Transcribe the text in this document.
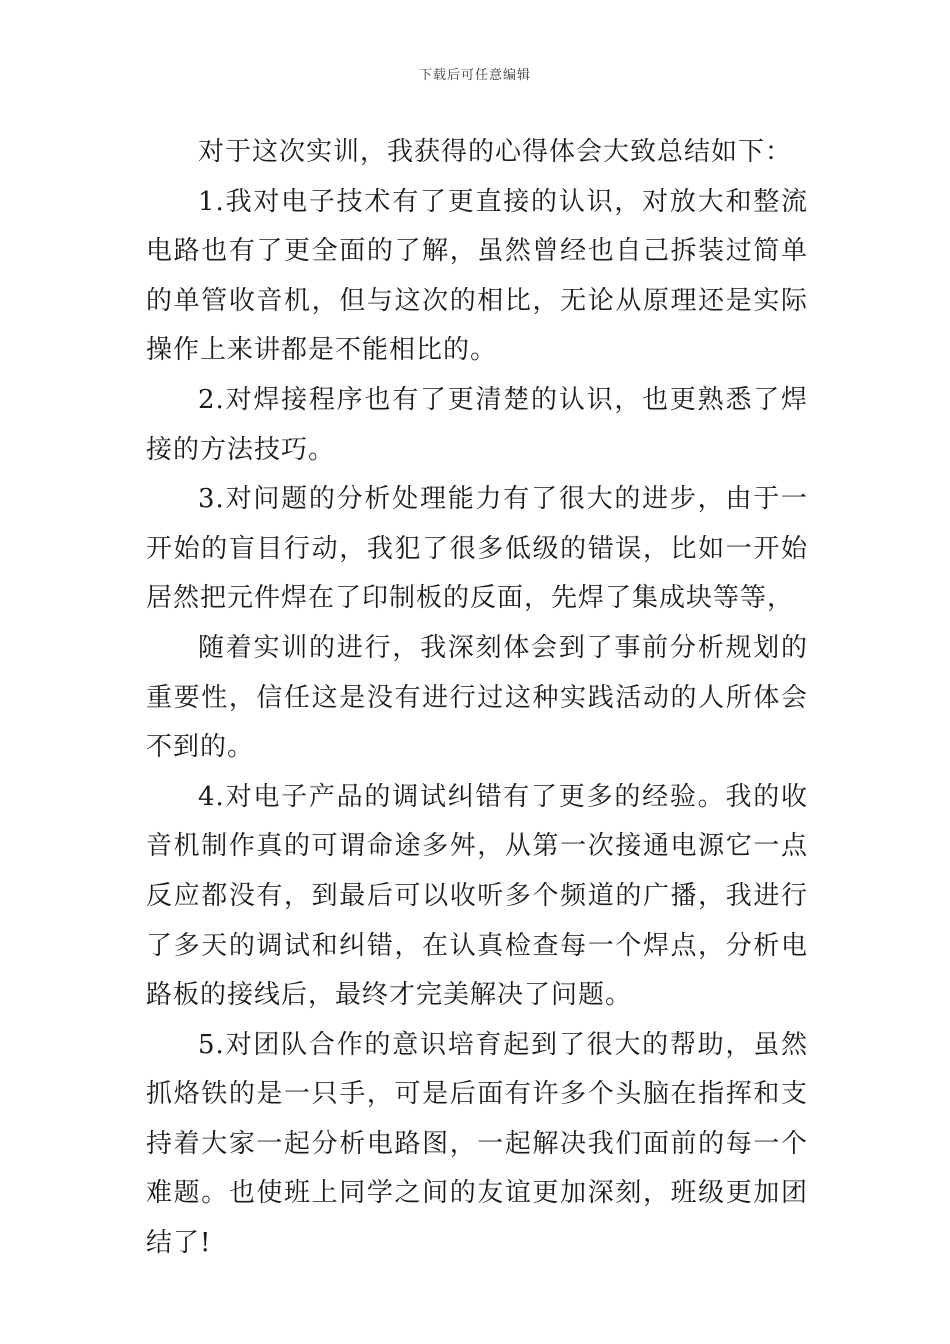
下载后可任意编辑

对于这次实训，我获得的心得体会大致总结如下：

1.我对电子技术有了更直接的认识，对放大和整流电路也有了更全面的了解，虽然曾经也自己拆装过简单的单管收音机，但与这次的相比，无论从原理还是实际操作上来讲都是不能相比的。

2.对焊接程序也有了更清楚的认识，也更熟悉了焊接的方法技巧。

3.对问题的分析处理能力有了很大的进步，由于一开始的盲目行动，我犯了很多低级的错误，比如一开始居然把元件焊在了印制板的反面，先焊了集成块等等，

随着实训的进行，我深刻体会到了事前分析规划的重要性，信任这是没有进行过这种实践活动的人所体会不到的。

4.对电子产品的调试纠错有了更多的经验。我的收音机制作真的可谓命途多舛，从第一次接通电源它一点反应都没有，到最后可以收听多个频道的广播，我进行了多天的调试和纠错，在认真检查每一个焊点，分析电路板的接线后，最终才完美解决了问题。

5.对团队合作的意识培育起到了很大的帮助，虽然抓烙铁的是一只手，可是后面有许多个头脑在指挥和支持着大家一起分析电路图，一起解决我们面前的每一个难题。也使班上同学之间的友谊更加深刻，班级更加团结了!
